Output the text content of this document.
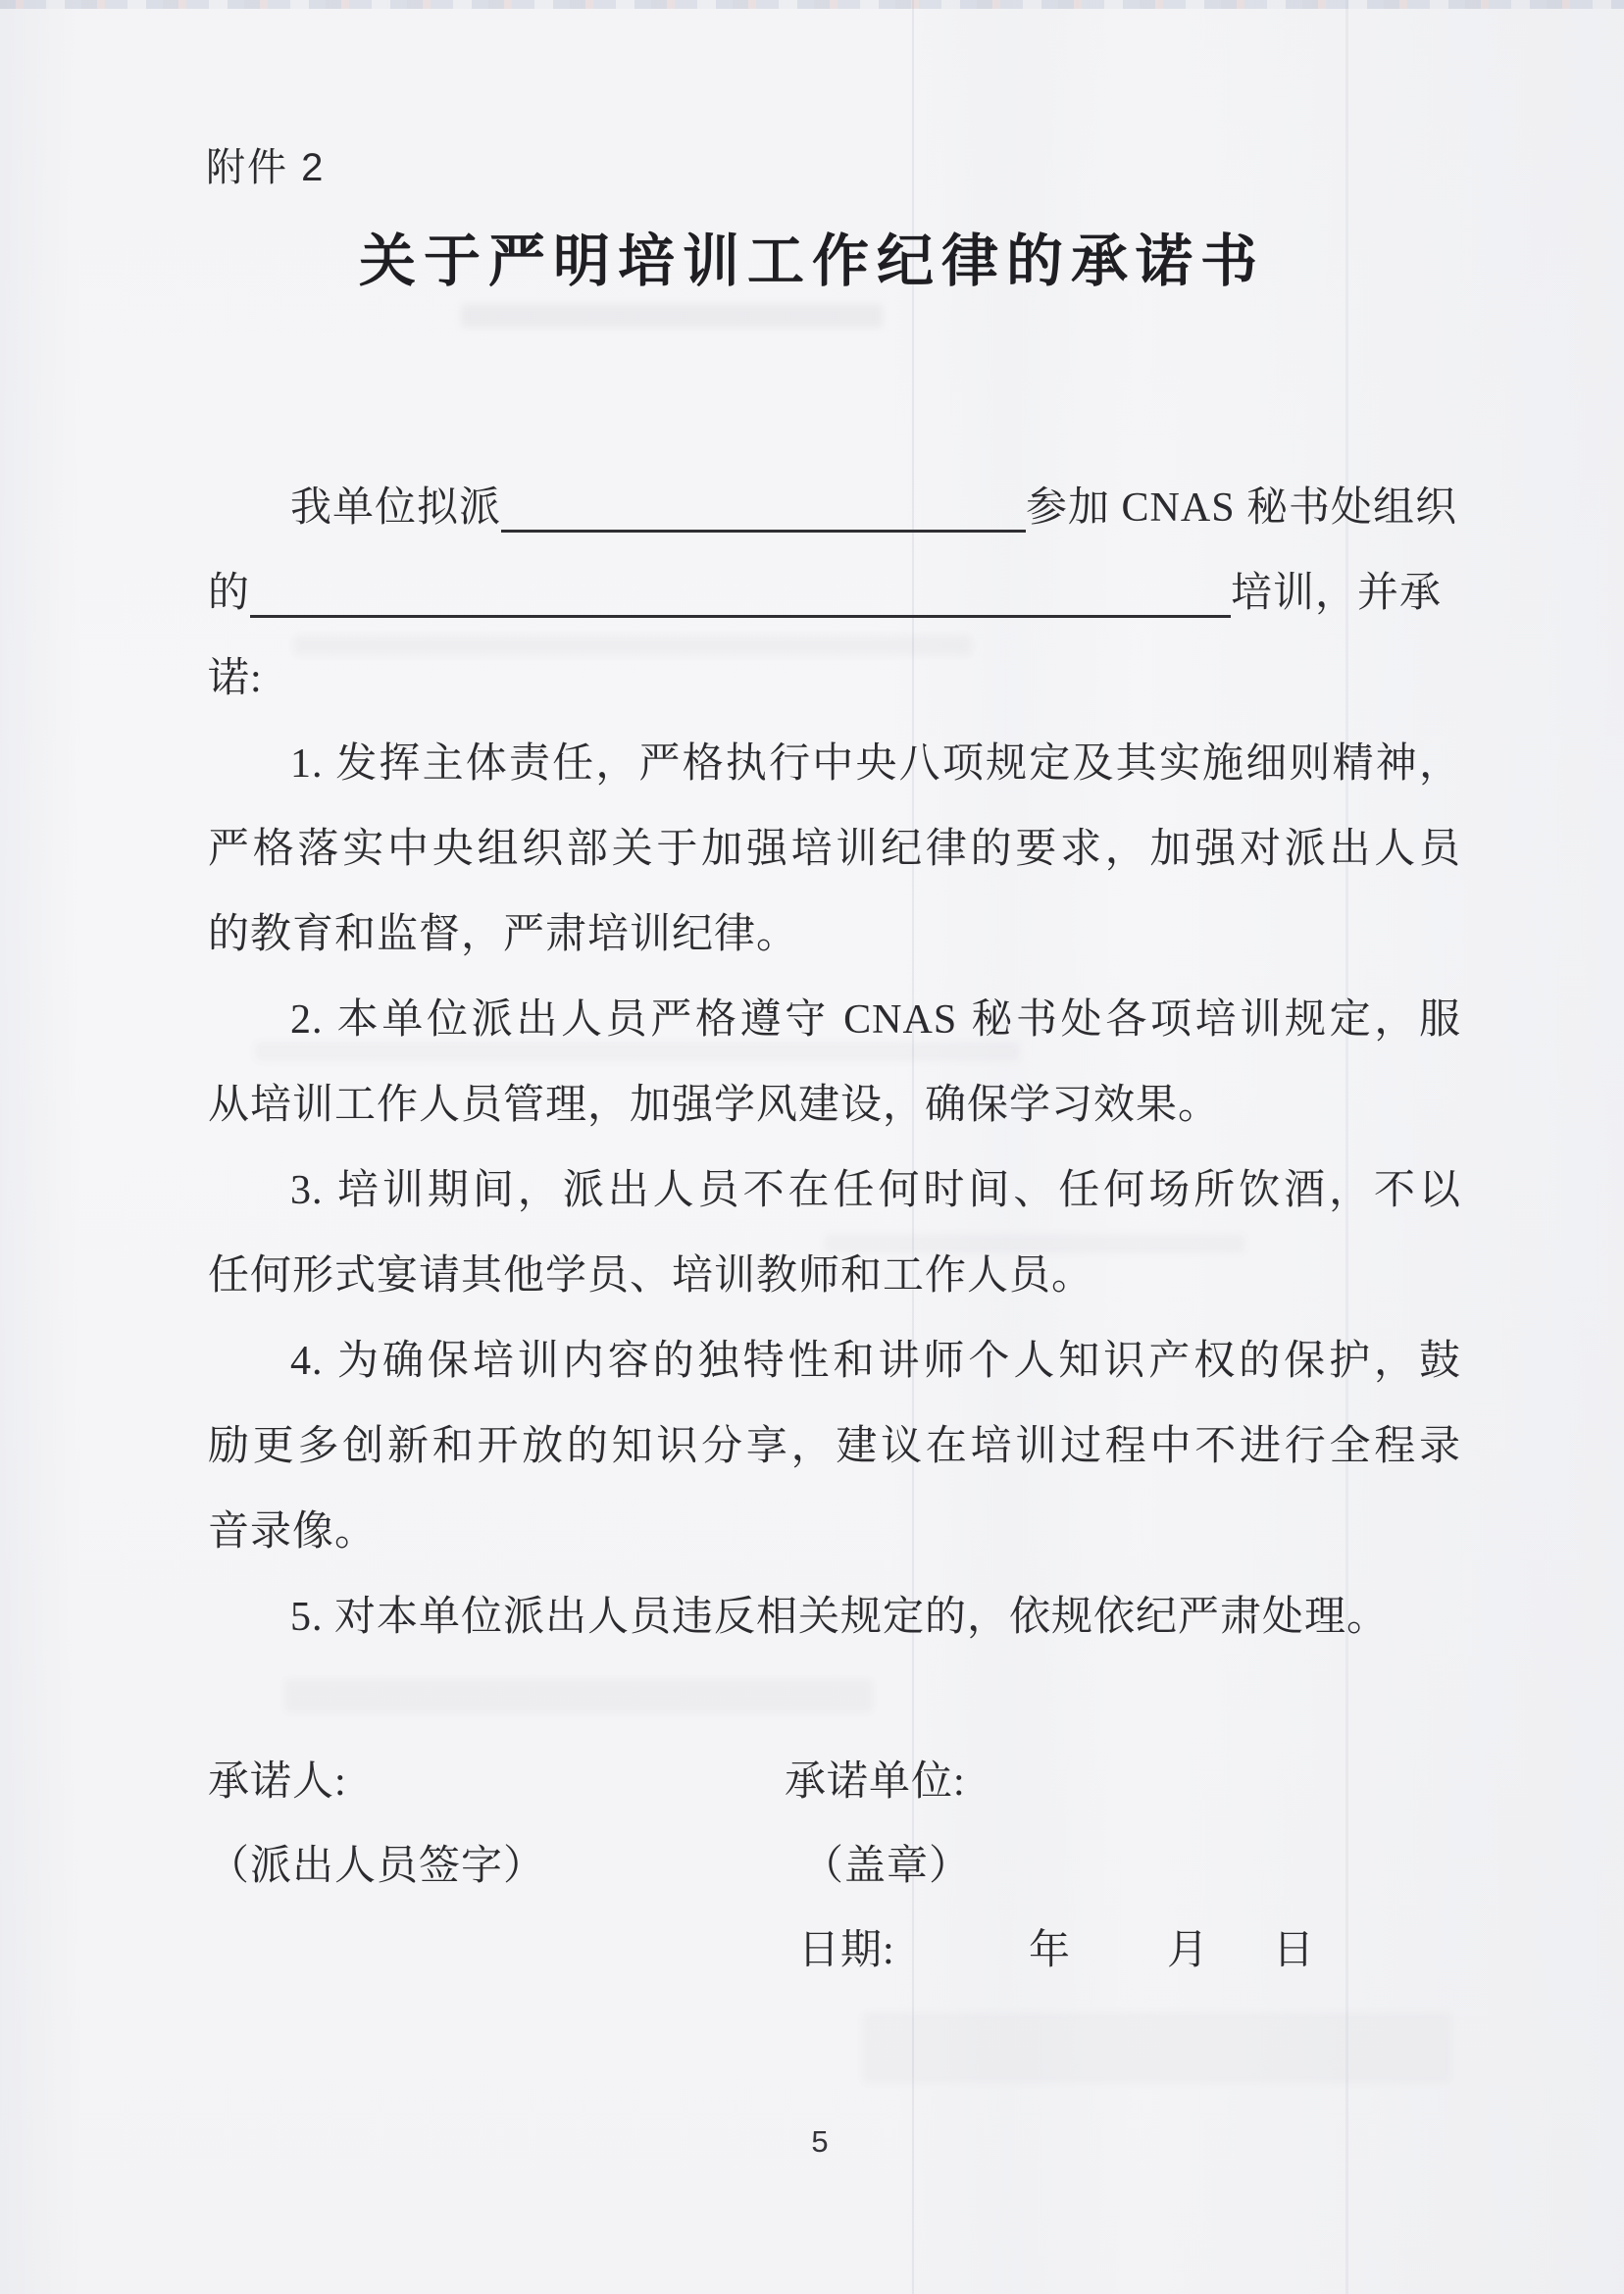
附件 2
关于严明培训工作纪律的承诺书

我单位拟派	参加 CNAS 秘书处组织

的	培训，并承

诺:

1. 发挥主体责任，严格执行中央八项规定及其实施细则精神，

严格落实中央组织部关于加强培训纪律的要求，加强对派出人员

的教育和监督，严肃培训纪律。

2. 本单位派出人员严格遵守 CNAS 秘书处各项培训规定，服

从培训工作人员管理，加强学风建设，确保学习效果。

3. 培训期间，派出人员不在任何时间、任何场所饮酒，不以

任何形式宴请其他学员、培训教师和工作人员。

4. 为确保培训内容的独特性和讲师个人知识产权的保护，鼓

励更多创新和开放的知识分享，建议在培训过程中不进行全程录

音录像。

5. 对本单位派出人员违反相关规定的，依规依纪严肃处理。

承诺人:	承诺单位:
（派出人员签字）	（盖章）
日期:	年 月 日
5
